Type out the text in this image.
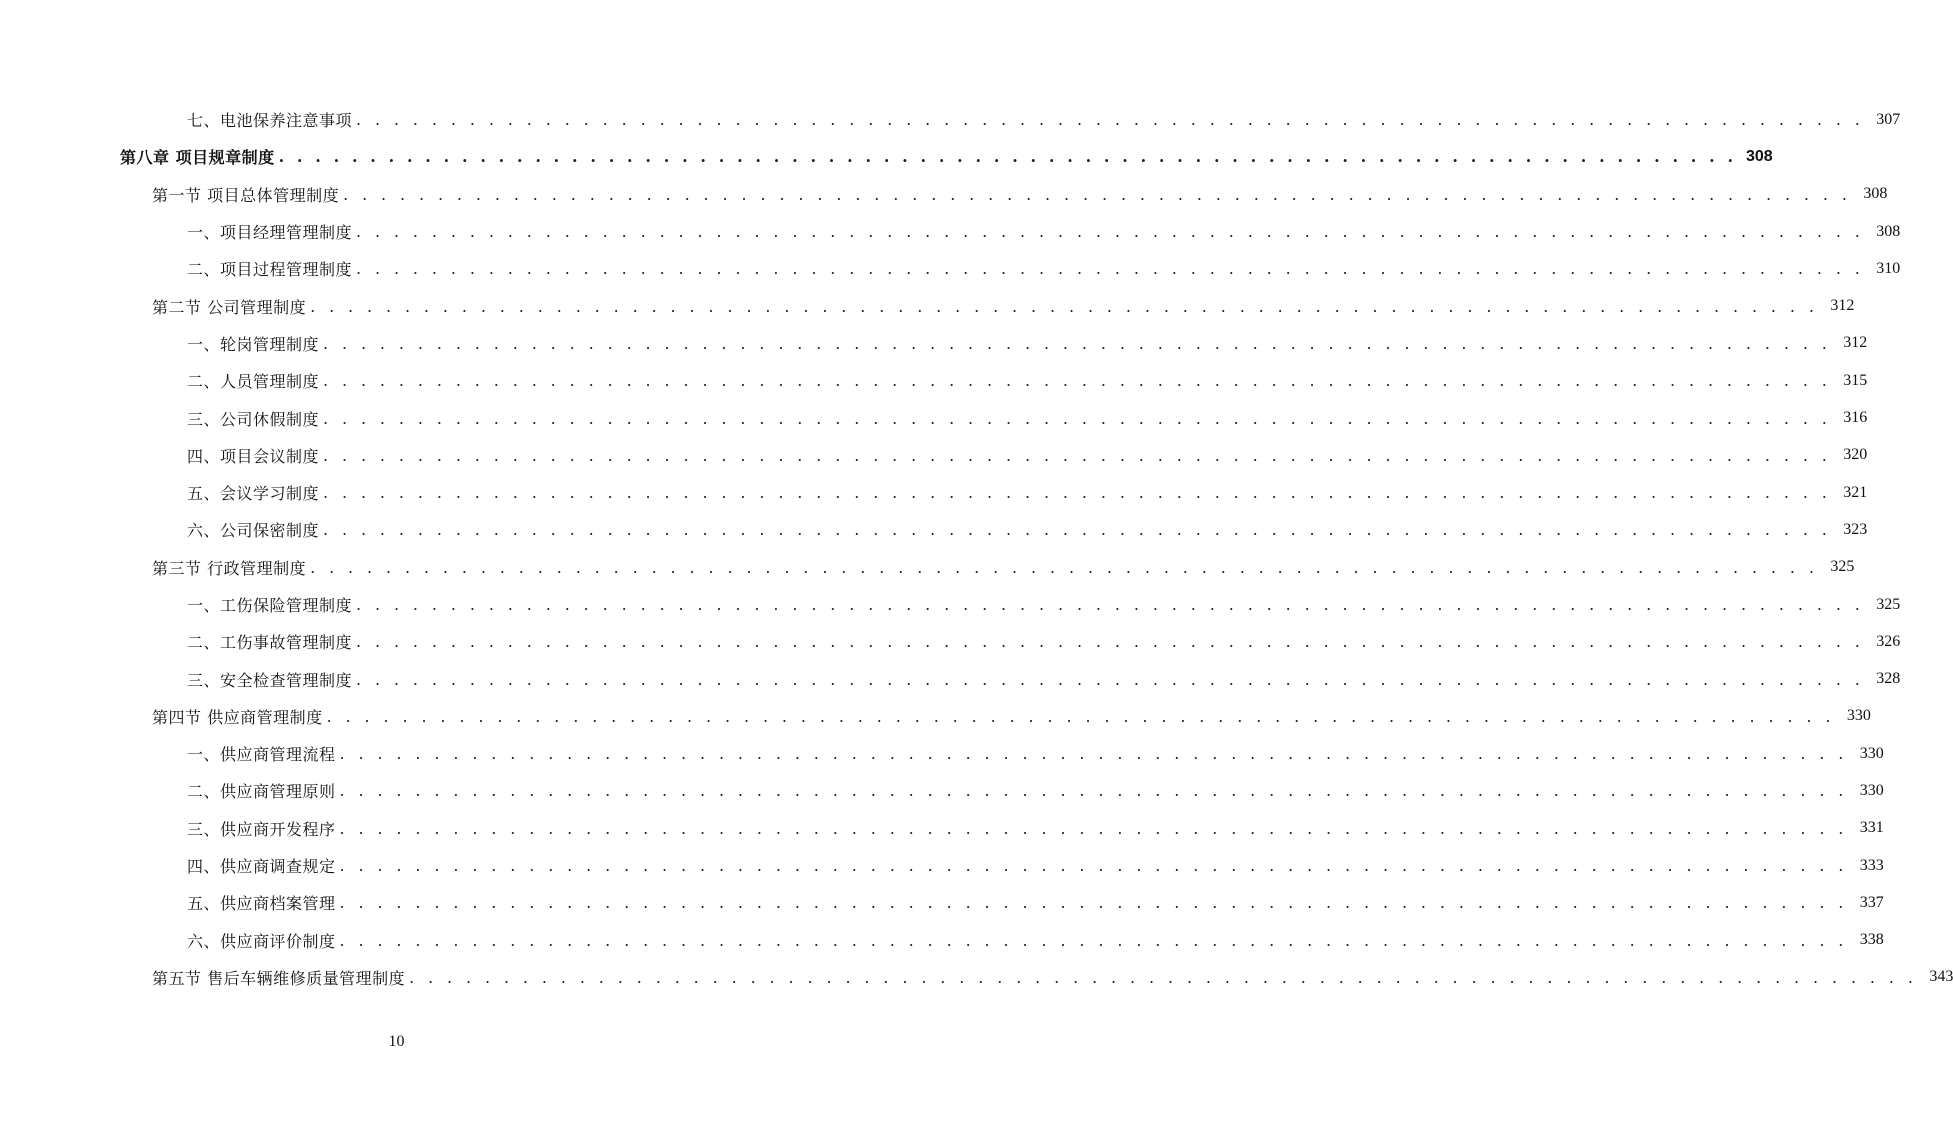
七、电池保养注意事项 . . . . . . . . . . . . . . . . . . . . . . . . . . . . . . . . . . . . . . . . . . . . . . . . . . . . . . . . . . . . . . . . . . . . . . . . . . . . . . . . 307
第八章 项目规章制度 . . . . . . . . . . . . . . . . . . . . . . . . . . . . . . . . . . . . . . . . . . . . . . . . . . . . . . . . . . . . . . . . . . . . . . . . . . . . . . . . 308
第一节 项目总体管理制度 . . . . . . . . . . . . . . . . . . . . . . . . . . . . . . . . . . . . . . . . . . . . . . . . . . . . . . . . . . . . . . . . . . . . . . . . . . . . . . . . 308
一、项目经理管理制度 . . . . . . . . . . . . . . . . . . . . . . . . . . . . . . . . . . . . . . . . . . . . . . . . . . . . . . . . . . . . . . . . . . . . . . . . . . . . . . . . 308
二、项目过程管理制度 . . . . . . . . . . . . . . . . . . . . . . . . . . . . . . . . . . . . . . . . . . . . . . . . . . . . . . . . . . . . . . . . . . . . . . . . . . . . . . . . 310
第二节 公司管理制度 . . . . . . . . . . . . . . . . . . . . . . . . . . . . . . . . . . . . . . . . . . . . . . . . . . . . . . . . . . . . . . . . . . . . . . . . . . . . . . . . 312
一、轮岗管理制度 . . . . . . . . . . . . . . . . . . . . . . . . . . . . . . . . . . . . . . . . . . . . . . . . . . . . . . . . . . . . . . . . . . . . . . . . . . . . . . . . 312
二、人员管理制度 . . . . . . . . . . . . . . . . . . . . . . . . . . . . . . . . . . . . . . . . . . . . . . . . . . . . . . . . . . . . . . . . . . . . . . . . . . . . . . . . 315
三、公司休假制度 . . . . . . . . . . . . . . . . . . . . . . . . . . . . . . . . . . . . . . . . . . . . . . . . . . . . . . . . . . . . . . . . . . . . . . . . . . . . . . . . 316
四、项目会议制度 . . . . . . . . . . . . . . . . . . . . . . . . . . . . . . . . . . . . . . . . . . . . . . . . . . . . . . . . . . . . . . . . . . . . . . . . . . . . . . . . 320
五、会议学习制度 . . . . . . . . . . . . . . . . . . . . . . . . . . . . . . . . . . . . . . . . . . . . . . . . . . . . . . . . . . . . . . . . . . . . . . . . . . . . . . . . 321
六、公司保密制度 . . . . . . . . . . . . . . . . . . . . . . . . . . . . . . . . . . . . . . . . . . . . . . . . . . . . . . . . . . . . . . . . . . . . . . . . . . . . . . . . 323
第三节 行政管理制度 . . . . . . . . . . . . . . . . . . . . . . . . . . . . . . . . . . . . . . . . . . . . . . . . . . . . . . . . . . . . . . . . . . . . . . . . . . . . . . . . 325
一、工伤保险管理制度 . . . . . . . . . . . . . . . . . . . . . . . . . . . . . . . . . . . . . . . . . . . . . . . . . . . . . . . . . . . . . . . . . . . . . . . . . . . . . . . . 325
二、工伤事故管理制度 . . . . . . . . . . . . . . . . . . . . . . . . . . . . . . . . . . . . . . . . . . . . . . . . . . . . . . . . . . . . . . . . . . . . . . . . . . . . . . . . 326
三、安全检查管理制度 . . . . . . . . . . . . . . . . . . . . . . . . . . . . . . . . . . . . . . . . . . . . . . . . . . . . . . . . . . . . . . . . . . . . . . . . . . . . . . . . 328
第四节 供应商管理制度 . . . . . . . . . . . . . . . . . . . . . . . . . . . . . . . . . . . . . . . . . . . . . . . . . . . . . . . . . . . . . . . . . . . . . . . . . . . . . . . . 330
一、供应商管理流程 . . . . . . . . . . . . . . . . . . . . . . . . . . . . . . . . . . . . . . . . . . . . . . . . . . . . . . . . . . . . . . . . . . . . . . . . . . . . . . . . 330
二、供应商管理原则 . . . . . . . . . . . . . . . . . . . . . . . . . . . . . . . . . . . . . . . . . . . . . . . . . . . . . . . . . . . . . . . . . . . . . . . . . . . . . . . . 330
三、供应商开发程序 . . . . . . . . . . . . . . . . . . . . . . . . . . . . . . . . . . . . . . . . . . . . . . . . . . . . . . . . . . . . . . . . . . . . . . . . . . . . . . . . 331
四、供应商调查规定 . . . . . . . . . . . . . . . . . . . . . . . . . . . . . . . . . . . . . . . . . . . . . . . . . . . . . . . . . . . . . . . . . . . . . . . . . . . . . . . . 333
五、供应商档案管理 . . . . . . . . . . . . . . . . . . . . . . . . . . . . . . . . . . . . . . . . . . . . . . . . . . . . . . . . . . . . . . . . . . . . . . . . . . . . . . . . 337
六、供应商评价制度 . . . . . . . . . . . . . . . . . . . . . . . . . . . . . . . . . . . . . . . . . . . . . . . . . . . . . . . . . . . . . . . . . . . . . . . . . . . . . . . . 338
第五节 售后车辆维修质量管理制度 . . . . . . . . . . . . . . . . . . . . . . . . . . . . . . . . . . . . . . . . . . . . . . . . . . . . . . . . . . . . . . . . . . . . . . . . . . . . . . . . 343
10
